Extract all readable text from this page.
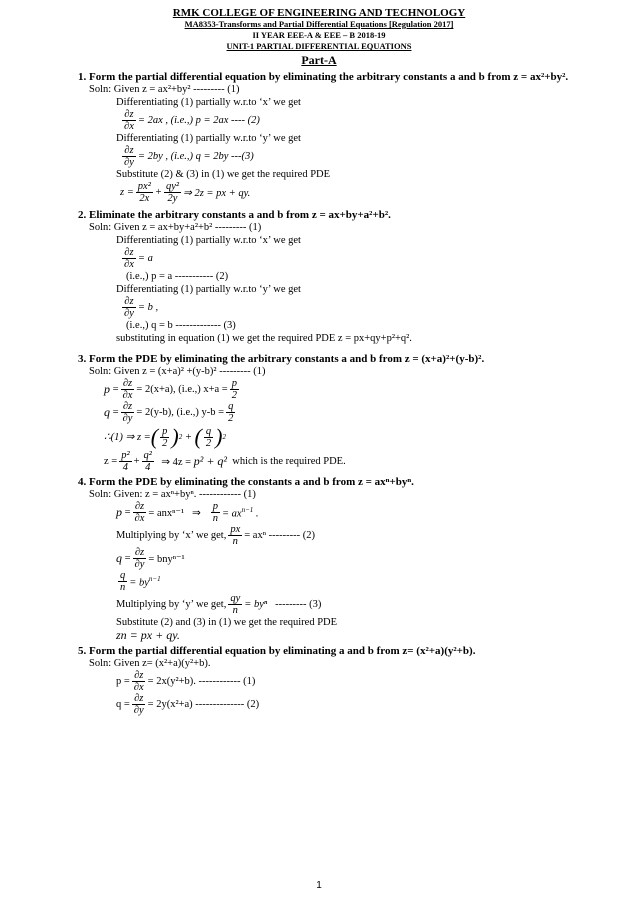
RMK COLLEGE OF ENGINEERING AND TECHNOLOGY
MA8353-Transforms and Partial Differential Equations [Regulation 2017]
II YEAR EEE-A & EEE – B 2018-19
UNIT-1 PARTIAL DIFFERENTIAL EQUATIONS
Part-A
1. Form the partial differential equation by eliminating the arbitrary constants a and b from z = ax²+by².
Soln: Given z = ax²+by² --------- (1)
Differentiating (1) partially w.r.to ‘x’ we get
$\frac{\partial z}{\partial x} = 2ax$ , (i.e.,) p = 2ax ---- (2)
Differentiating (1) partially w.r.to ‘y’ we get
$\frac{\partial z}{\partial y} = 2by$ , (i.e.,) q = 2by ---(3)
Substitute (2) & (3) in (1) we get the required PDE
$z = \frac{\text{px²}}{2x} + \frac{\text{qy²}}{2y}$ ⇒ 2z = px + qy.
2. Eliminate the arbitrary constants a and b from z = ax+by+a²+b².
Soln: Given z = ax+by+a²+b² --------- (1)
Differentiating (1) partially w.r.to ‘x’ we get
$\frac{\partial z}{\partial x} = a$
(i.e.,) p = a ----------- (2)
Differentiating (1) partially w.r.to ‘y’ we get
$\frac{\partial z}{\partial y} = b$ ,
(i.e.,) q = b ------------- (3)
substituting in equation (1) we get the required PDE z = px+qy+p²+q².
3. Form the PDE by eliminating the arbitrary constants a and b from z = (x+a)²+(y-b)².
Soln: Given z = (x+a)² +(y-b)² --------- (1)
$p = \frac{\partial z}{\partial x} = 2(x+a)$, (i.e.,) $x+a = \frac{p}{2}$
$q = \frac{\partial z}{\partial y} = 2(y-b)$, (i.e.,) $y-b = \frac{q}{2}$
∴(1) ⇒ z = ( $\frac{p}{2}$ ) 2 + ( $\frac{q}{2}$ ) 2
$z = \frac{\text{p²}}{4} + \frac{\text{q²}}{4}$ ⇒ 4z = p² + q²
which is the required PDE.
4. Form the PDE by eliminating the constants a and b from z = axⁿ+byⁿ.
Soln: Given: z = axⁿ+byⁿ. ------------ (1)
$p = \frac{\partial z}{\partial x} = anx^{n-1}$ ⇒ $\frac{p}{n} = ax^{n-1}$ .
Multiplying by ‘x’ we get, $\frac{px}{n} = ax^n$ --------- (2)
$q = \frac{\partial z}{\partial y} = bny^{n-1}$
$\frac{q}{n} = by^{n-1}$
Multiplying by ‘y’ we get, $\frac{qy}{n} = by^n$ --------- (3)
Substitute (2) and (3) in (1) we get the required PDE
zn = px + qy.
5. Form the partial differential equation by eliminating a and b from z= (x²+a)(y²+b).
Soln: Given z= (x²+a)(y²+b).
$p = \frac{\partial z}{\partial x} = 2x(y^2+b)$. ------------ (1)
$q = \frac{\partial z}{\partial y} = 2y(x^2+a)$ -------------- (2)
1
